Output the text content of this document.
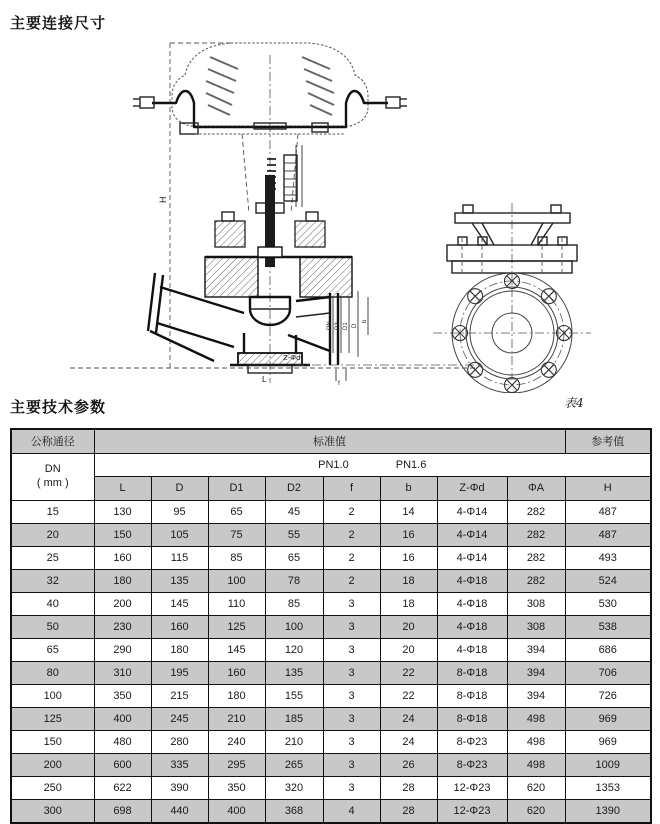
主要连接尺寸
H
DN D2 D1 D
b
Z-Φd
f
L
主要技术参数	表4
公称通径	标准值								参考值

DN
( mm )	PN1.0 PN1.6								
	L	D	D1	D2	f	b	Z-Φd	ΦA	H
15	130	95	65	45	2	14	4-Φ14	282	487
20	150	105	75	55	2	16	4-Φ14	282	487
25	160	115	85	65	2	16	4-Φ14	282	493
32	180	135	100	78	2	18	4-Φ18	282	524
40	200	145	110	85	3	18	4-Φ18	308	530
50	230	160	125	100	3	20	4-Φ18	308	538
65	290	180	145	120	3	20	4-Φ18	394	686
80	310	195	160	135	3	22	8-Φ18	394	706
100	350	215	180	155	3	22	8-Φ18	394	726
125	400	245	210	185	3	24	8-Φ18	498	969
150	480	280	240	210	3	24	8-Φ23	498	969
200	600	335	295	265	3	26	8-Φ23	498	1009
250	622	390	350	320	3	28	12-Φ23	620	1353
300	698	440	400	368	4	28	12-Φ23	620	1390
